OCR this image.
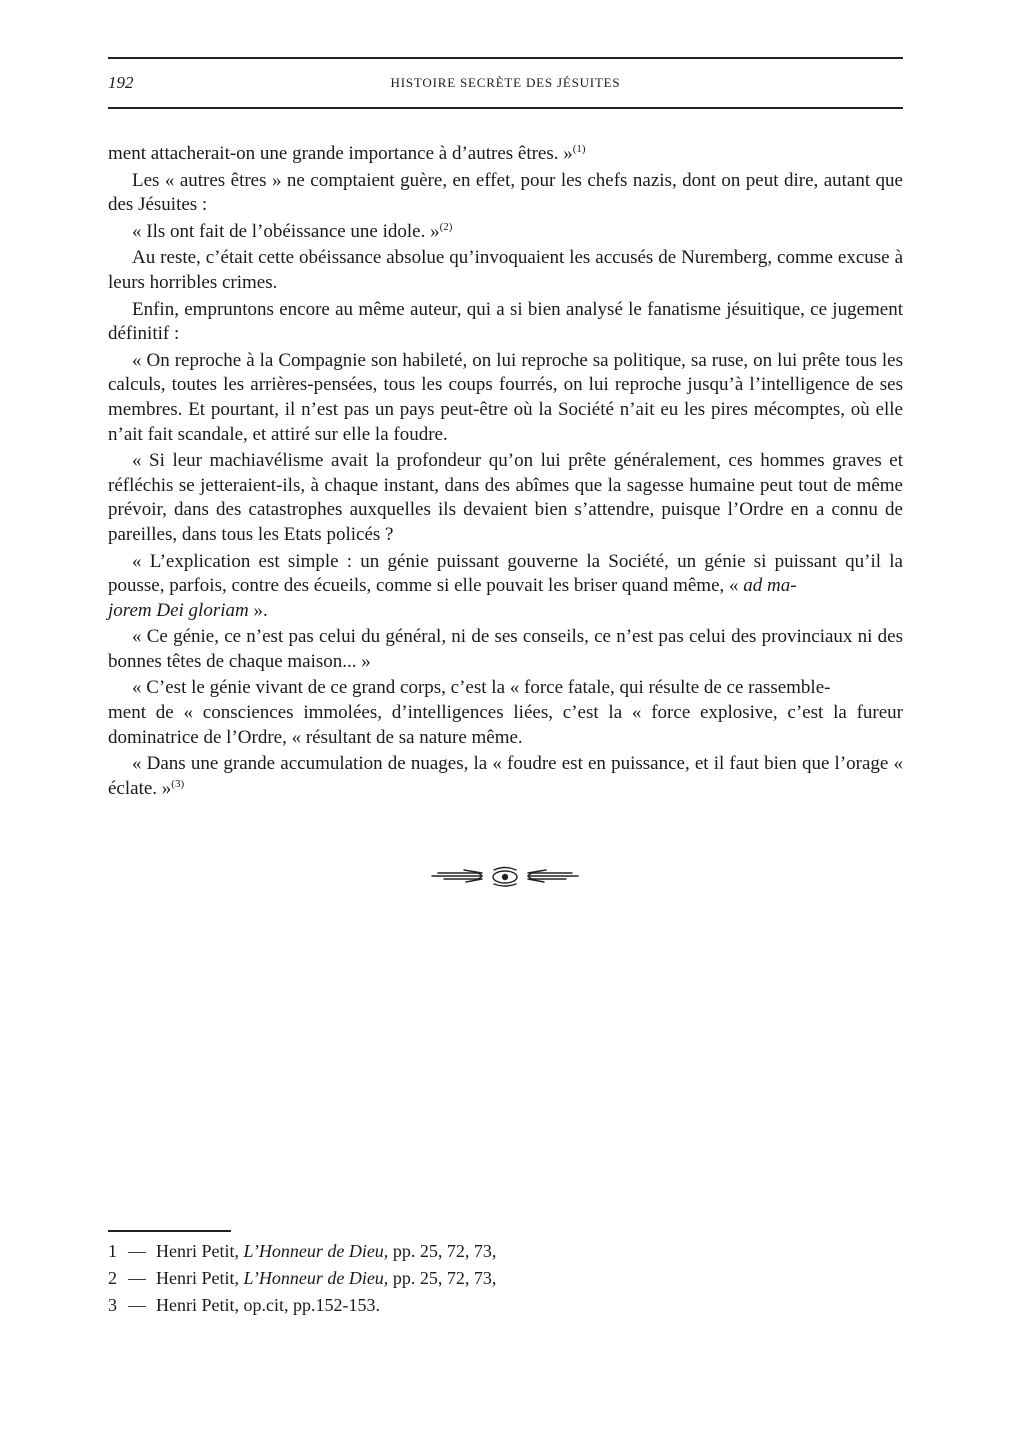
192	HISTOIRE SECRÈTE DES JÉSUITES

ment attacherait-on une grande importance à d’autres êtres. »$^{(1)}$

Les « autres êtres » ne comptaient guère, en effet, pour les chefs nazis, dont on peut dire, autant que des Jésuites :

« Ils ont fait de l’obéissance une idole. »$^{(2)}$

Au reste, c’était cette obéissance absolue qu’invoquaient les accusés de Nuremberg, comme excuse à leurs horribles crimes.

Enfin, empruntons encore au même auteur, qui a si bien analysé le fanatisme jésuitique, ce jugement définitif :

« On reproche à la Compagnie son habileté, on lui reproche sa politique, sa ruse, on lui prête tous les calculs, toutes les arrières-pensées, tous les coups fourrés, on lui reproche jusqu’à l’intelligence de ses membres. Et pourtant, il n’est pas un pays peut-être où la Société n’ait eu les pires mécomptes, où elle n’ait fait scandale, et attiré sur elle la foudre.

« Si leur machiavélisme avait la profondeur qu’on lui prête généralement, ces hommes graves et réfléchis se jetteraient-ils, à chaque instant, dans des abîmes que la sagesse humaine peut tout de même prévoir, dans des catastrophes auxquelles ils devaient bien s’attendre, puisque l’Ordre en a connu de pareilles, dans tous les Etats policés ?

« L’explication est simple : un génie puissant gouverne la Société, un génie si puissant qu’il la pousse, parfois, contre des écueils, comme si elle pouvait les briser quand même, « ad ma-
jorem Dei gloriam ».

« Ce génie, ce n’est pas celui du général, ni de ses conseils, ce n’est pas celui des provinciaux ni des bonnes têtes de chaque maison... »

« C’est le génie vivant de ce grand corps, c’est la « force fatale, qui résulte de ce rassemble-
ment de « consciences immolées, d’intelligences liées, c’est la « force explosive, c’est la fureur dominatrice de l’Ordre, « résultant de sa nature même.

« Dans une grande accumulation de nuages, la « foudre est en puissance, et il faut bien que l’orage « éclate. »$^{(3)}$

1 — Henri Petit, L’Honneur de Dieu, pp. 25, 72, 73,
2 — Henri Petit, L’Honneur de Dieu, pp. 25, 72, 73,
3 — Henri Petit, op.cit, pp.152-153.
